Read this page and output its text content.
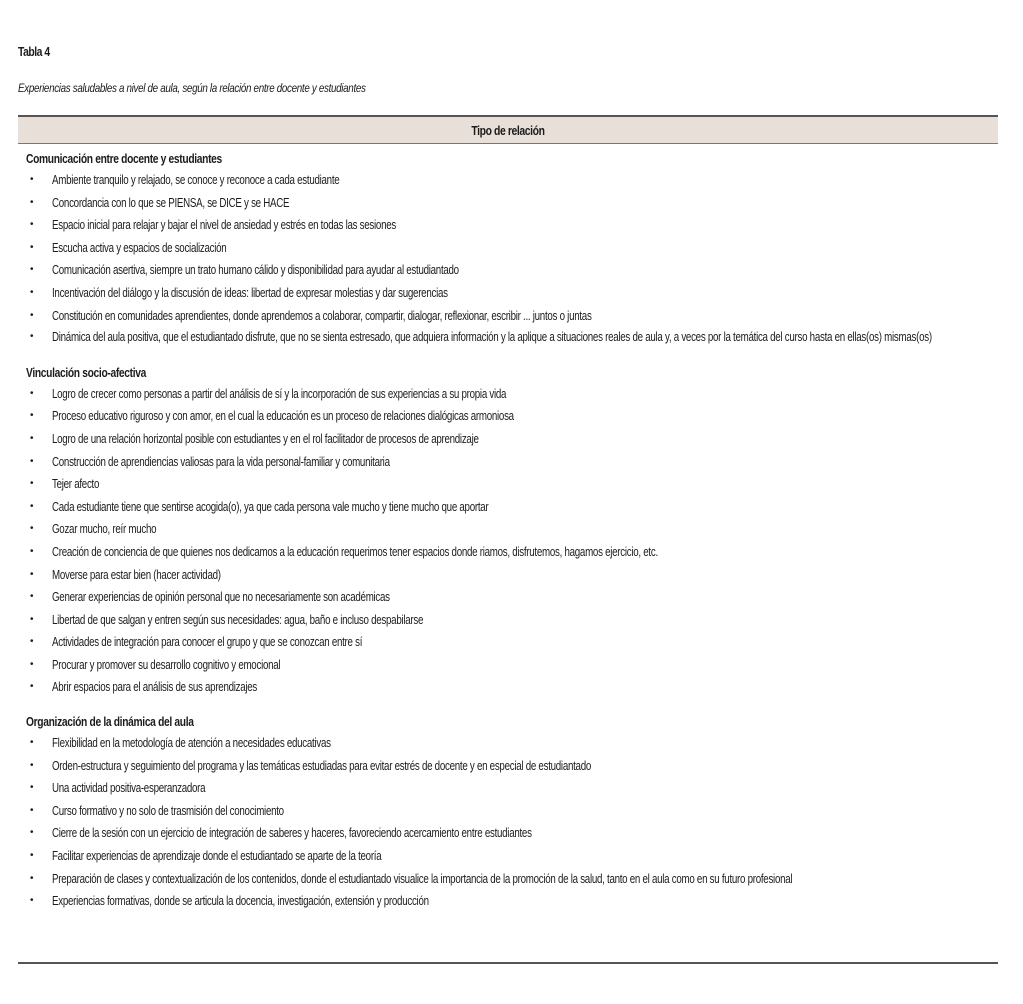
Tabla 4
Experiencias saludables a nivel de aula, según la relación entre docente y estudiantes
Tipo de relación
Comunicación entre docente y estudiantes
• Ambiente tranquilo y relajado, se conoce y reconoce a cada estudiante
• Concordancia con lo que se PIENSA, se DICE y se HACE
• Espacio inicial para relajar y bajar el nivel de ansiedad y estrés en todas las sesiones
• Escucha activa y espacios de socialización
• Comunicación asertiva, siempre un trato humano cálido y disponibilidad para ayudar al estudiantado
• Incentivación del diálogo y la discusión de ideas: libertad de expresar molestias y dar sugerencias
• Constitución en comunidades aprendientes, donde aprendemos a colaborar, compartir, dialogar, reflexionar, escribir ... juntos o juntas
• Dinámica del aula positiva, que el estudiantado disfrute, que no se sienta estresado, que adquiera información y la aplique a situaciones reales de aula y, a veces por la temática del curso hasta en ellas(os) mismas(os)
Vinculación socio-afectiva
• Logro de crecer como personas a partir del análisis de sí y la incorporación de sus experiencias a su propia vida
• Proceso educativo riguroso y con amor, en el cual la educación es un proceso de relaciones dialógicas armoniosa
• Logro de una relación horizontal posible con estudiantes y en el rol facilitador de procesos de aprendizaje
• Construcción de aprendiencias valiosas para la vida personal-familiar y comunitaria
• Tejer afecto
• Cada estudiante tiene que sentirse acogida(o), ya que cada persona vale mucho y tiene mucho que aportar
• Gozar mucho, reír mucho
• Creación de conciencia de que quienes nos dedicamos a la educación requerimos tener espacios donde riamos, disfrutemos, hagamos ejercicio, etc.
• Moverse para estar bien (hacer actividad)
• Generar experiencias de opinión personal que no necesariamente son académicas
• Libertad de que salgan y entren según sus necesidades: agua, baño e incluso despabilarse
• Actividades de integración para conocer el grupo y que se conozcan entre sí
• Procurar y promover su desarrollo cognitivo y emocional
• Abrir espacios para el análisis de sus aprendizajes
Organización de la dinámica del aula
• Flexibilidad en la metodología de atención a necesidades educativas
• Orden-estructura y seguimiento del programa y las temáticas estudiadas para evitar estrés de docente y en especial de estudiantado
• Una actividad positiva-esperanzadora
• Curso formativo y no solo de trasmisión del conocimiento
• Cierre de la sesión con un ejercicio de integración de saberes y haceres, favoreciendo acercamiento entre estudiantes
• Facilitar experiencias de aprendizaje donde el estudiantado se aparte de la teoría
• Preparación de clases y contextualización de los contenidos, donde el estudiantado visualice la importancia de la promoción de la salud, tanto en el aula como en su futuro profesional
• Experiencias formativas, donde se articula la docencia, investigación, extensión y producción
